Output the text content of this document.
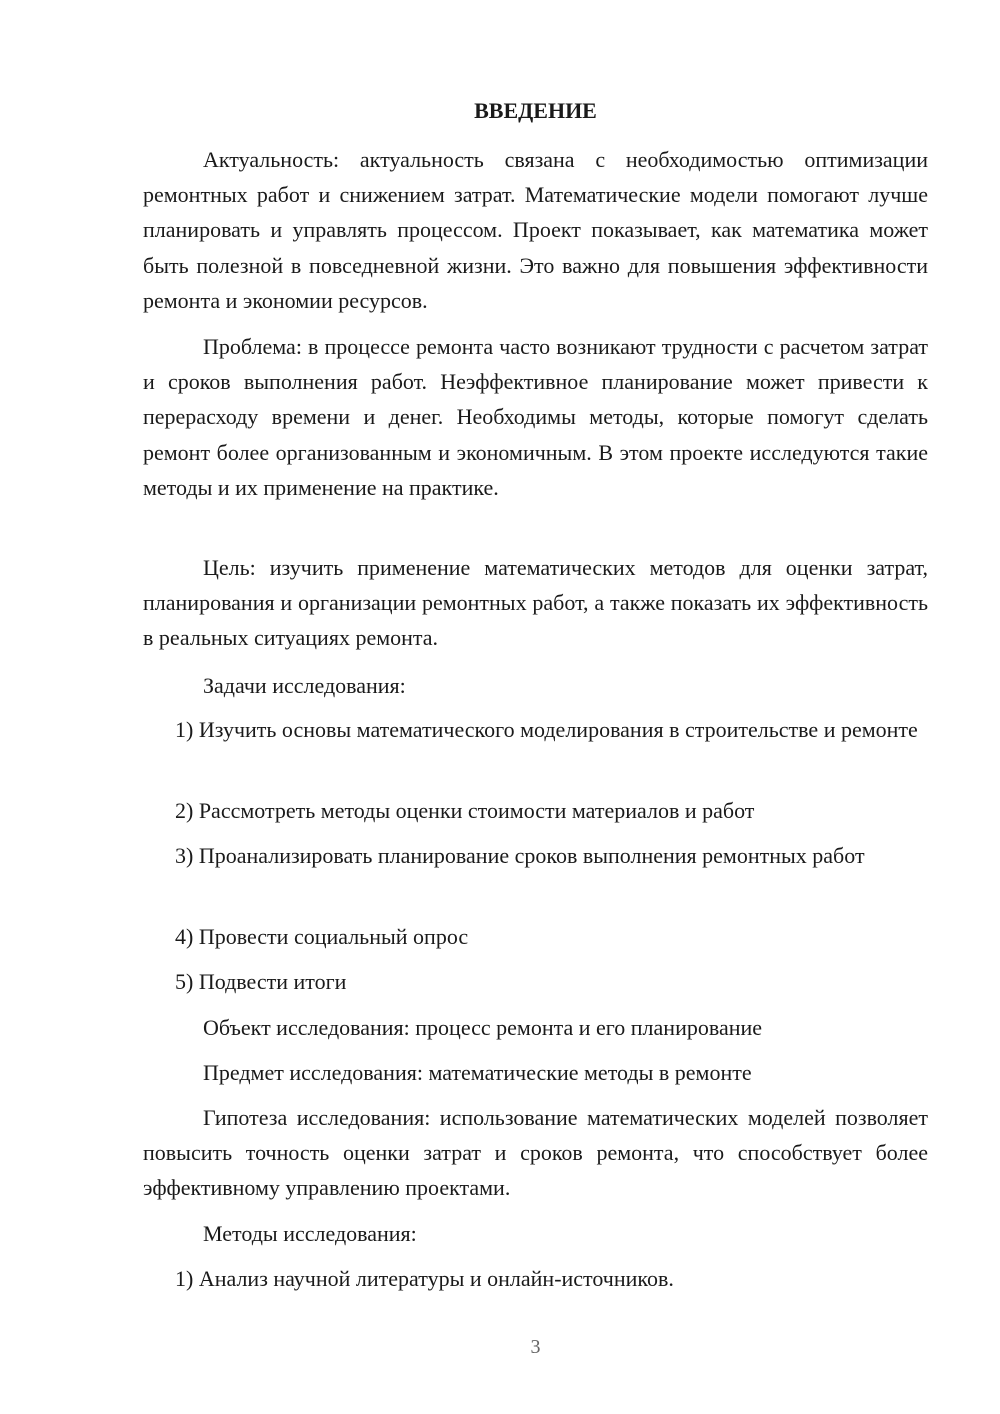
ВВЕДЕНИЕ

Актуальность: актуальность связана с необходимостью оптимизации ремонтных работ и снижением затрат. Математические модели помогают лучше планировать и управлять процессом. Проект показывает, как математика может быть полезной в повседневной жизни. Это важно для повышения эффективности ремонта и экономии ресурсов.

Проблема: в процессе ремонта часто возникают трудности с расчетом затрат и сроков выполнения работ. Неэффективное планирование может привести к перерасходу времени и денег. Необходимы методы, которые помогут сделать ремонт более организованным и экономичным. В этом проекте исследуются такие методы и их применение на практике.

Цель: изучить применение математических методов для оценки затрат, планирования и организации ремонтных работ, а также показать их эффективность в реальных ситуациях ремонта.

Задачи исследования:

1) Изучить основы математического моделирования в строительстве и ремонте

2) Рассмотреть методы оценки стоимости материалов и работ

3) Проанализировать планирование сроков выполнения ремонтных работ

4) Провести социальный опрос

5) Подвести итоги

Объект исследования: процесс ремонта и его планирование

Предмет исследования: математические методы в ремонте

Гипотеза исследования: использование математических моделей позволяет повысить точность оценки затрат и сроков ремонта, что способствует более эффективному управлению проектами.

Методы исследования:

1) Анализ научной литературы и онлайн-источников.

3
